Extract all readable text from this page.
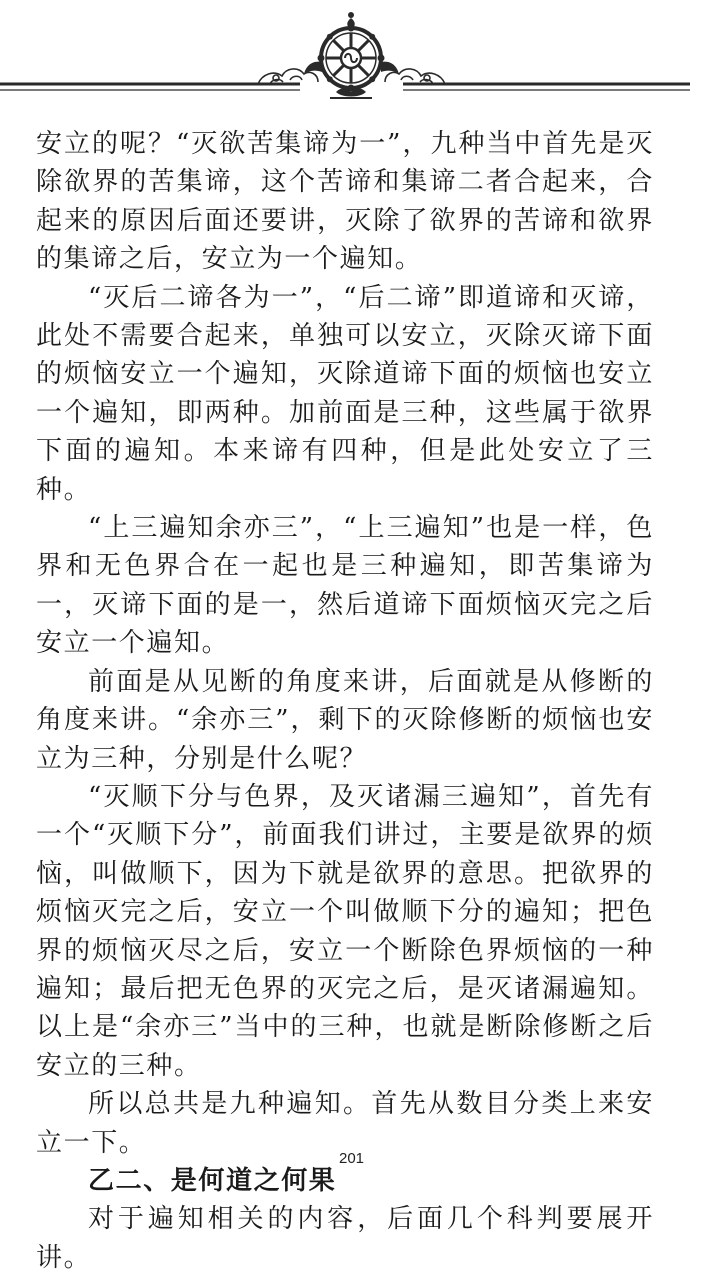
安立的呢？“灭欲苦集谛为一”，九种当中首先是灭除欲界的苦集谛，这个苦谛和集谛二者合起来，合起来的原因后面还要讲，灭除了欲界的苦谛和欲界的集谛之后，安立为一个遍知。

“灭后二谛各为一”，“后二谛”即道谛和灭谛，此处不需要合起来，单独可以安立，灭除灭谛下面的烦恼安立一个遍知，灭除道谛下面的烦恼也安立一个遍知，即两种。加前面是三种，这些属于欲界下面的遍知。本来谛有四种，但是此处安立了三种。

“上三遍知余亦三”，“上三遍知”也是一样，色界和无色界合在一起也是三种遍知，即苦集谛为一，灭谛下面的是一，然后道谛下面烦恼灭完之后安立一个遍知。

前面是从见断的角度来讲，后面就是从修断的角度来讲。“余亦三”，剩下的灭除修断的烦恼也安立为三种，分别是什么呢？

“灭顺下分与色界，及灭诸漏三遍知”，首先有一个“灭顺下分”，前面我们讲过，主要是欲界的烦恼，叫做顺下，因为下就是欲界的意思。把欲界的烦恼灭完之后，安立一个叫做顺下分的遍知；把色界的烦恼灭尽之后，安立一个断除色界烦恼的一种遍知；最后把无色界的灭完之后，是灭诸漏遍知。以上是“余亦三”当中的三种，也就是断除修断之后安立的三种。

所以总共是九种遍知。首先从数目分类上来安立一下。

乙二、是何道之何果

对于遍知相关的内容，后面几个科判要展开讲。

201
